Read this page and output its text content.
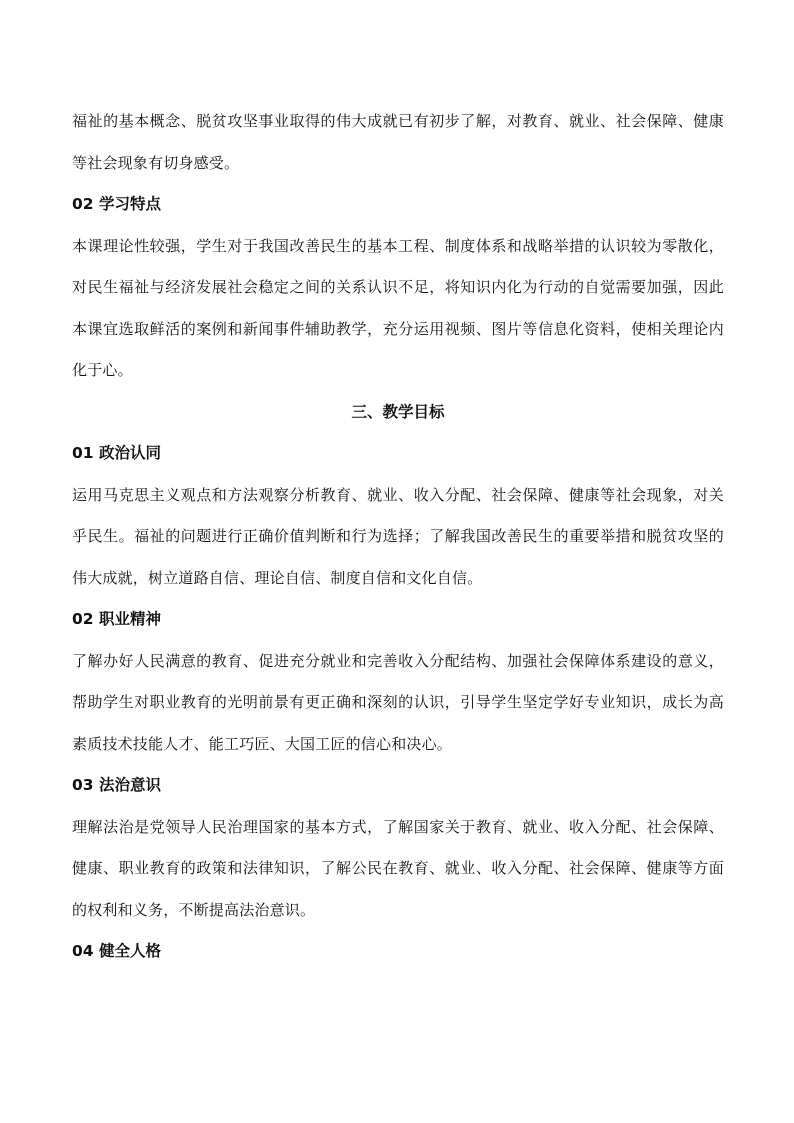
福祉的基本概念、脱贫攻坚事业取得的伟大成就已有初步了解，对教育、就业、社会保障、健康等社会现象有切身感受。

02 学习特点

本课理论性较强，学生对于我国改善民生的基本工程、制度体系和战略举措的认识较为零散化，对民生福祉与经济发展社会稳定之间的关系认识不足，将知识内化为行动的自觉需要加强，因此本课宜选取鲜活的案例和新闻事件辅助教学，充分运用视频、图片等信息化资料，使相关理论内化于心。

三、教学目标

01 政治认同

运用马克思主义观点和方法观察分析教育、就业、收入分配、社会保障、健康等社会现象，对关乎民生。福祉的问题进行正确价值判断和行为选择；了解我国改善民生的重要举措和脱贫攻坚的伟大成就，树立道路自信、理论自信、制度自信和文化自信。

02 职业精神

了解办好人民满意的教育、促进充分就业和完善收入分配结构、加强社会保障体系建设的意义，帮助学生对职业教育的光明前景有更正确和深刻的认识，引导学生坚定学好专业知识，成长为高素质技术技能人才、能工巧匠、大国工匠的信心和决心。

03 法治意识

理解法治是党领导人民治理国家的基本方式，了解国家关于教育、就业、收入分配、社会保障、健康、职业教育的政策和法律知识，了解公民在教育、就业、收入分配、社会保障、健康等方面的权利和义务，不断提高法治意识。

04 健全人格
